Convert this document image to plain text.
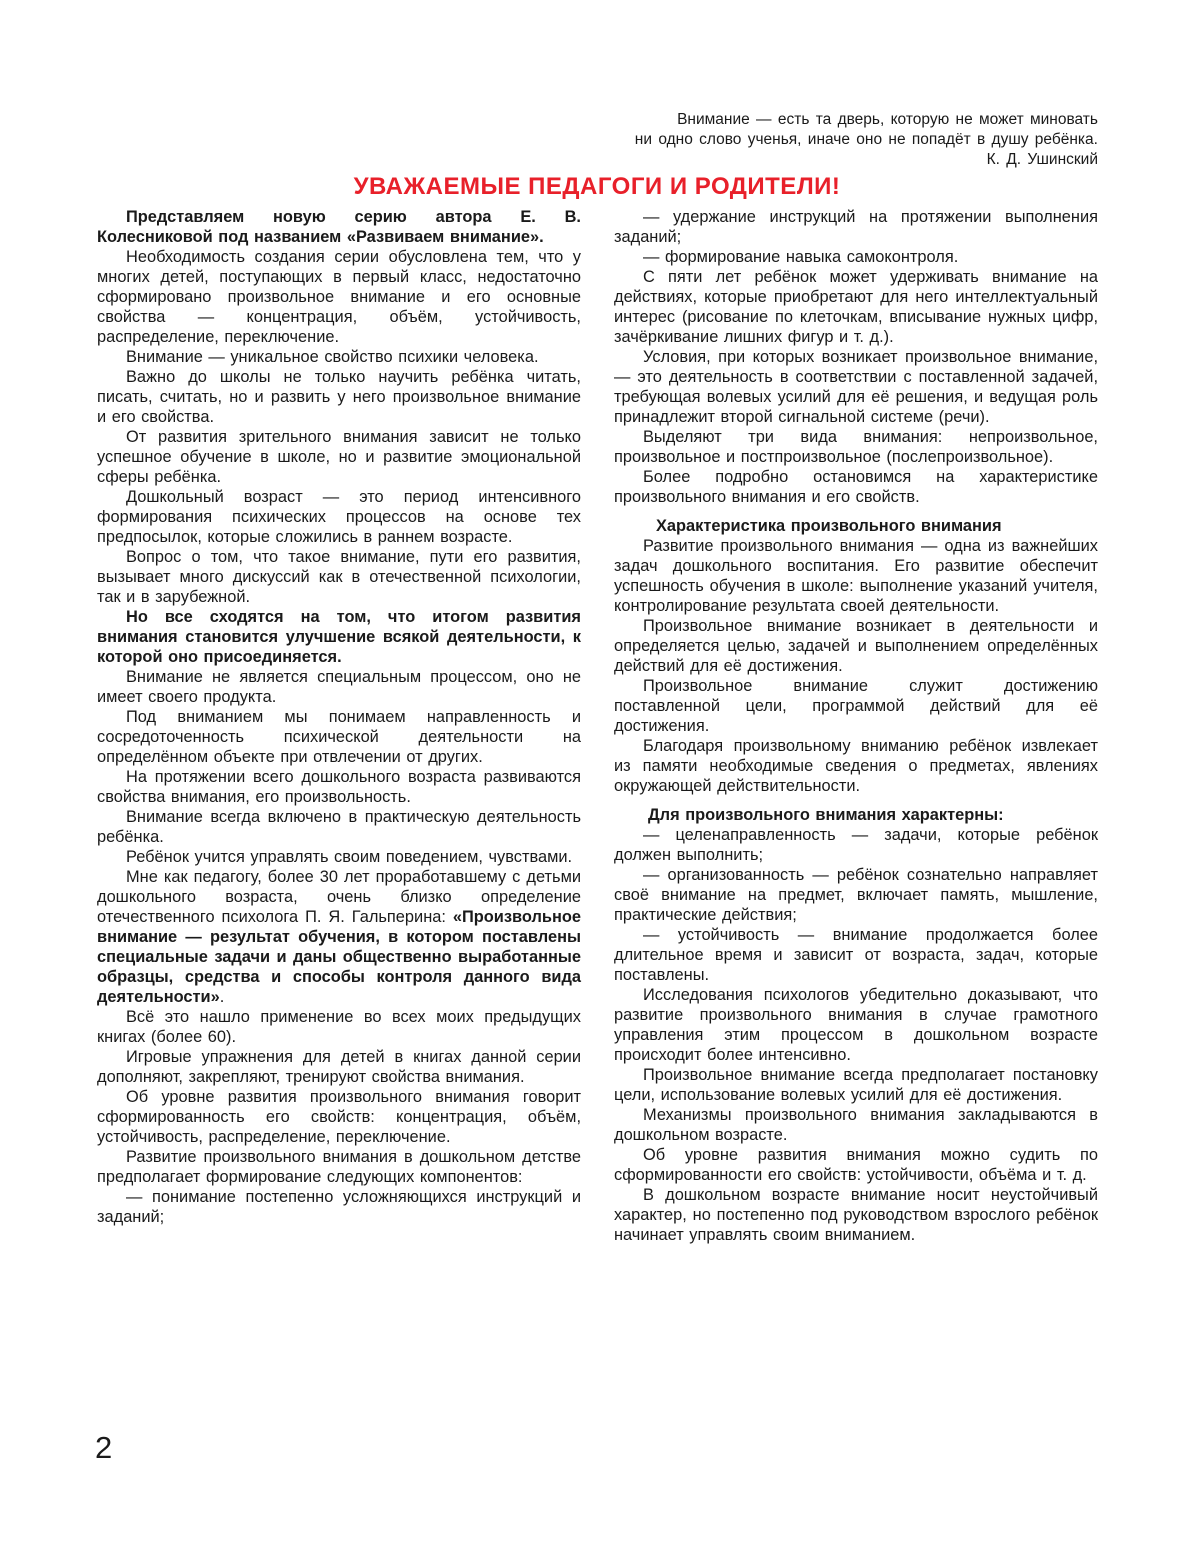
Внимание — есть та дверь, которую не может миновать
ни одно слово ученья, иначе оно не попадёт в душу ребёнка.
К. Д. Ушинский
УВАЖАЕМЫЕ ПЕДАГОГИ И РОДИТЕЛИ!

Представляем новую серию автора Е. В. Колесниковой под названием «Развиваем внимание».

Необходимость создания серии обусловлена тем, что у многих детей, поступающих в первый класс, недостаточно сформировано произвольное внимание и его основные свойства — концентрация, объём, устойчивость, распределение, переключение.

Внимание — уникальное свойство психики человека.

Важно до школы не только научить ребёнка читать, писать, считать, но и развить у него произвольное внимание и его свойства.

От развития зрительного внимания зависит не только успешное обучение в школе, но и развитие эмоциональной сферы ребёнка.

Дошкольный возраст — это период интенсивного формирования психических процессов на основе тех предпосылок, которые сложились в раннем возрасте.

Вопрос о том, что такое внимание, пути его развития, вызывает много дискуссий как в отечественной психологии, так и в зарубежной.

Но все сходятся на том, что итогом развития внимания становится улучшение всякой деятельности, к которой оно присоединяется.

Внимание не является специальным процессом, оно не имеет своего продукта.

Под вниманием мы понимаем направленность и сосредоточенность психической деятельности на определённом объекте при отвлечении от других.

На протяжении всего дошкольного возраста развиваются свойства внимания, его произвольность.

Внимание всегда включено в практическую деятельность ребёнка.

Ребёнок учится управлять своим поведением, чувствами.

Мне как педагогу, более 30 лет проработавшему с детьми дошкольного возраста, очень близко определение отечественного психолога П. Я. Гальперина: «Произвольное внимание — результат обучения, в котором поставлены специальные задачи и даны общественно выработанные образцы, средства и способы контроля данного вида деятельности».

Всё это нашло применение во всех моих предыдущих книгах (более 60).

Игровые упражнения для детей в книгах данной серии дополняют, закрепляют, тренируют свойства внимания.

Об уровне развития произвольного внимания говорит сформированность его свойств: концентрация, объём, устойчивость, распределение, переключение.

Развитие произвольного внимания в дошкольном детстве предполагает формирование следующих компонентов:

— понимание постепенно усложняющихся инструкций и заданий;

— удержание инструкций на протяжении выполнения заданий;

— формирование навыка самоконтроля.

С пяти лет ребёнок может удерживать внимание на действиях, которые приобретают для него интеллектуальный интерес (рисование по клеточкам, вписывание нужных цифр, зачёркивание лишних фигур и т. д.).

Условия, при которых возникает произвольное внимание, — это деятельность в соответствии с поставленной задачей, требующая волевых усилий для её решения, и ведущая роль принадлежит второй сигнальной системе (речи).

Выделяют три вида внимания: непроизвольное, произвольное и постпроизвольное (послепроизвольное).

Более подробно остановимся на характеристике произвольного внимания и его свойств.

Характеристика произвольного внимания

Развитие произвольного внимания — одна из важнейших задач дошкольного воспитания. Его развитие обеспечит успешность обучения в школе: выполнение указаний учителя, контролирование результата своей деятельности.

Произвольное внимание возникает в деятельности и определяется целью, задачей и выполнением определённых действий для её достижения.

Произвольное внимание служит достижению поставленной цели, программой действий для её достижения.

Благодаря произвольному вниманию ребёнок извлекает из памяти необходимые сведения о предметах, явлениях окружающей действительности.

Для произвольного внимания характерны:

— целенаправленность — задачи, которые ребёнок должен выполнить;

— организованность — ребёнок сознательно направляет своё внимание на предмет, включает память, мышление, практические действия;

— устойчивость — внимание продолжается более длительное время и зависит от возраста, задач, которые поставлены.

Исследования психологов убедительно доказывают, что развитие произвольного внимания в случае грамотного управления этим процессом в дошкольном возрасте происходит более интенсивно.

Произвольное внимание всегда предполагает постановку цели, использование волевых усилий для её достижения.

Механизмы произвольного внимания закладываются в дошкольном возрасте.

Об уровне развития внимания можно судить по сформированности его свойств: устойчивости, объёма и т. д.

В дошкольном возрасте внимание носит неустойчивый характер, но постепенно под руководством взрослого ребёнок начинает управлять своим вниманием.

2
